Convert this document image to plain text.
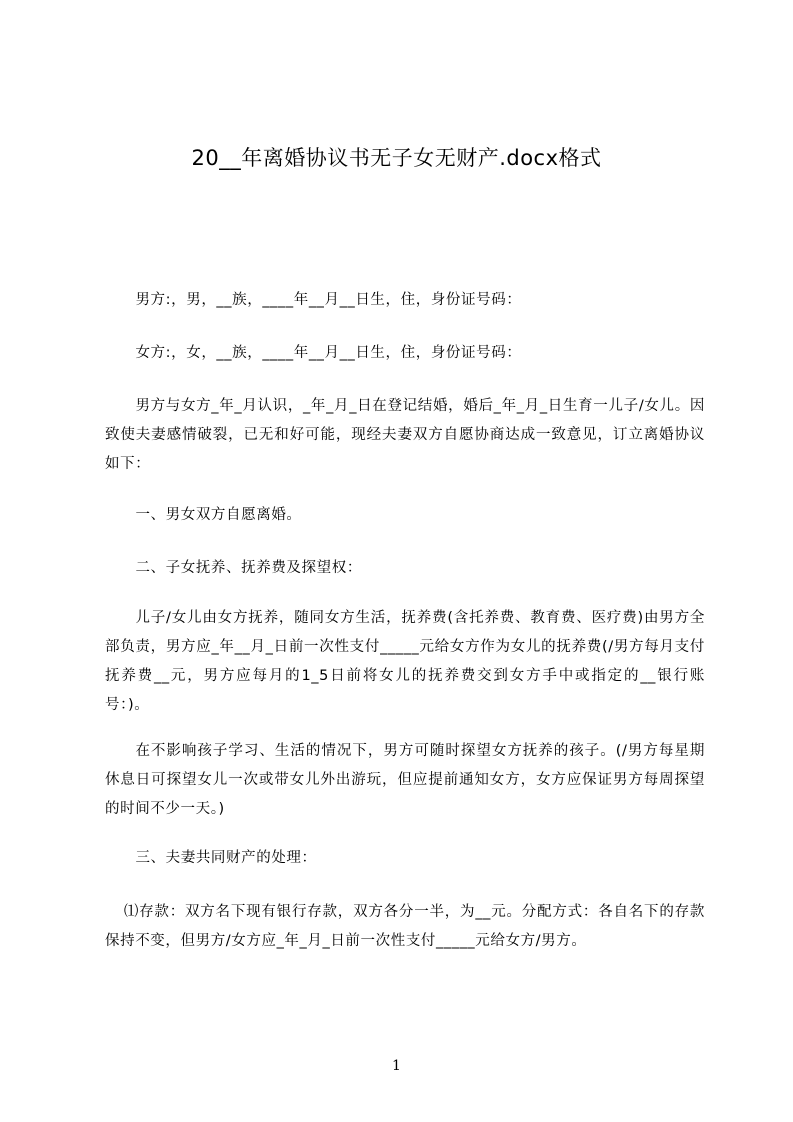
20__年离婚协议书无子女无财产.docx格式

男方:，男，__族，____年__月__日生，住，身份证号码：

女方:，女，__族，____年__月__日生，住，身份证号码：

男方与女方_年_月认识，_年_月_日在登记结婚，婚后_年_月_日生育一儿子/女儿。因致使夫妻感情破裂，已无和好可能，现经夫妻双方自愿协商达成一致意见，订立离婚协议如下：

一、男女双方自愿离婚。

二、子女抚养、抚养费及探望权：

儿子/女儿由女方抚养，随同女方生活，抚养费(含托养费、教育费、医疗费)由男方全部负责，男方应_年__月_日前一次性支付_____元给女方作为女儿的抚养费(/男方每月支付抚养费__元，男方应每月的1_5日前将女儿的抚养费交到女方手中或指定的__银行账号：)。

在不影响孩子学习、生活的情况下，男方可随时探望女方抚养的孩子。(/男方每星期休息日可探望女儿一次或带女儿外出游玩，但应提前通知女方，女方应保证男方每周探望的时间不少一天。)

三、夫妻共同财产的处理：

⑴存款：双方名下现有银行存款，双方各分一半，为__元。分配方式：各自名下的存款保持不变，但男方/女方应_年_月_日前一次性支付_____元给女方/男方。

1
